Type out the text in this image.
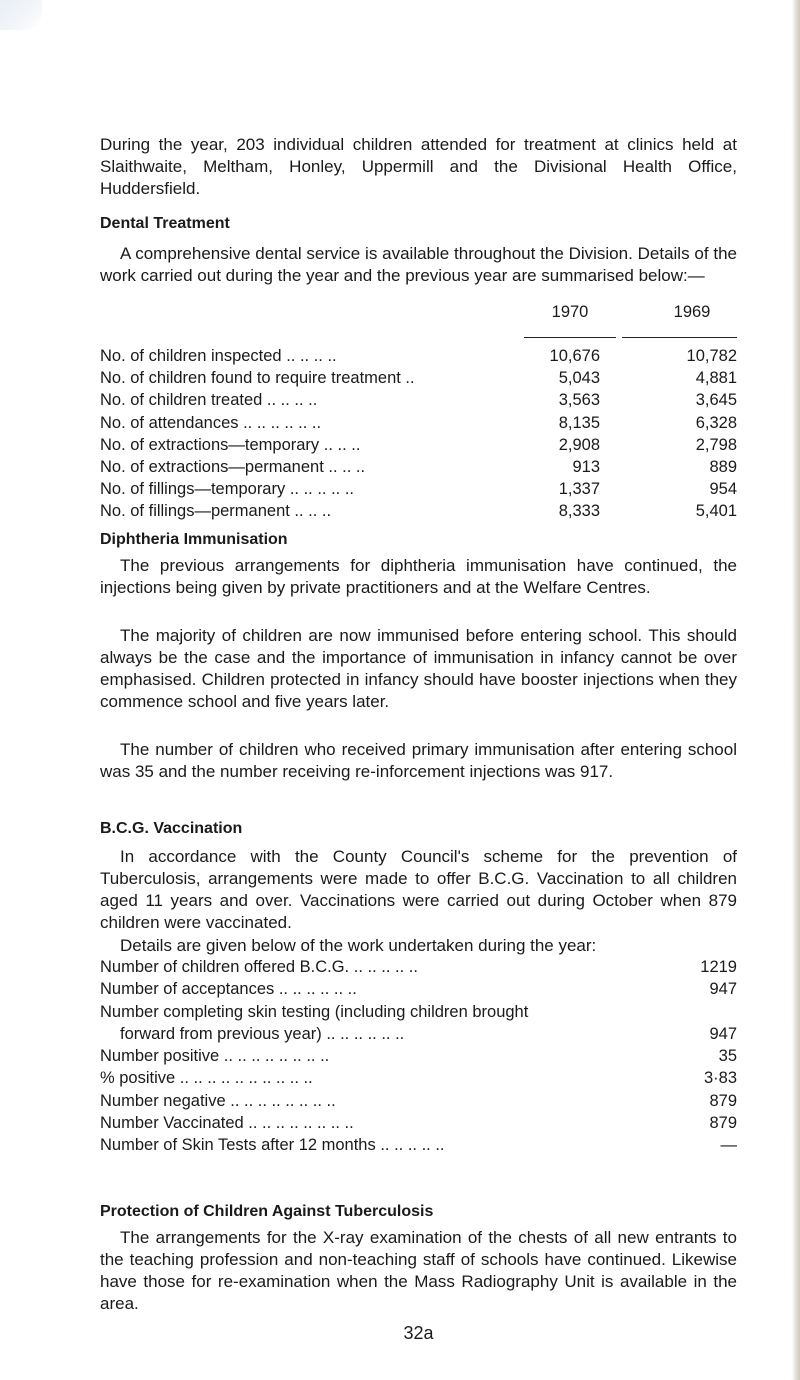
During the year, 203 individual children attended for treatment at clinics held at Slaithwaite, Meltham, Honley, Uppermill and the Divisional Health Office, Huddersfield.

Dental Treatment

A comprehensive dental service is available throughout the Division. Details of the work carried out during the year and the previous year are summarised below:—

1970	1969
No. of children inspected .. .. .. ..	10,676	10,782
No. of children found to require treatment ..	5,043	4,881
No. of children treated .. .. .. ..	3,563	3,645
No. of attendances .. .. .. .. .. ..	8,135	6,328
No. of extractions—temporary .. .. ..	2,908	2,798
No. of extractions—permanent .. .. ..	913	889
No. of fillings—temporary .. .. .. .. ..	1,337	954
No. of fillings—permanent .. .. ..	8,333	5,401

Diphtheria Immunisation

The previous arrangements for diphtheria immunisation have continued, the injections being given by private practitioners and at the Welfare Centres.

The majority of children are now immunised before entering school. This should always be the case and the importance of immunisation in infancy cannot be over emphasised. Children protected in infancy should have booster injections when they commence school and five years later.

The number of children who received primary immunisation after entering school was 35 and the number receiving re-inforcement injections was 917.

B.C.G. Vaccination

In accordance with the County Council's scheme for the prevention of Tuberculosis, arrangements were made to offer B.C.G. Vaccination to all children aged 11 years and over. Vaccinations were carried out during October when 879 children were vaccinated.

Details are given below of the work undertaken during the year:

Number of children offered B.C.G. .. .. .. .. ..	1219
Number of acceptances .. .. .. .. .. ..	947
Number completing skin testing (including children brought
forward from previous year) .. .. .. .. .. ..	947
Number positive .. .. .. .. .. .. .. ..	35
% positive .. .. .. .. .. .. .. .. .. ..	3·83
Number negative .. .. .. .. .. .. .. ..	879
Number Vaccinated .. .. .. .. .. .. .. ..	879
Number of Skin Tests after 12 months .. .. .. .. ..	—

Protection of Children Against Tuberculosis

The arrangements for the X-ray examination of the chests of all new entrants to the teaching profession and non-teaching staff of schools have continued. Likewise have those for re-examination when the Mass Radiography Unit is available in the area.

32a
